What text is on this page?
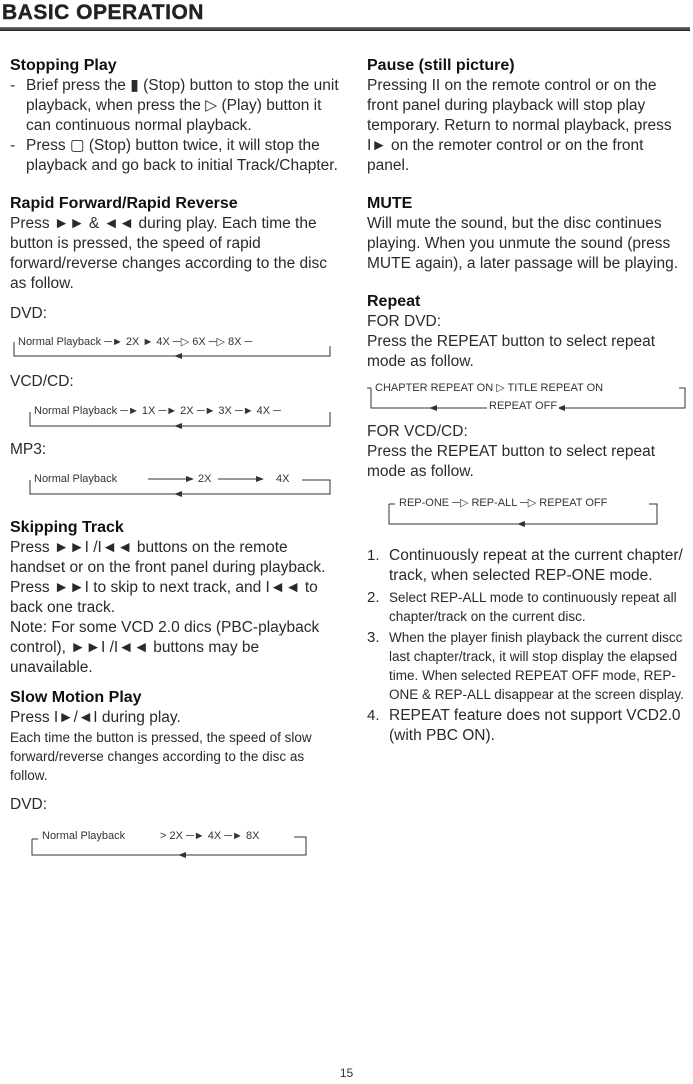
BASIC OPERATION

Stopping Play

- Brief press the ▮ (Stop) button to stop the unit playback, when press the ▷ (Play) button it can continuous normal playback.
- Press ▢ (Stop) button twice, it will stop the playback and go back to initial Track/Chapter.

Rapid Forward/Rapid Reverse

Press ►► & ◄◄ during play. Each time the button is pressed, the speed of rapid forward/reverse changes according to the disc as follow.

DVD:

Normal Playback ─► 2X ► 4X ─▷ 6X ─▷ 8X ─

VCD/CD:

Normal Playback ─► 1X ─► 2X ─► 3X ─► 4X ─

MP3:

Normal Playback	2X	4X

Skipping Track

Press ►►I /I◄◄ buttons on the remote handset or on the front panel during playback.

Press ►►I to skip to next track, and I◄◄ to back one track.

Note: For some VCD 2.0 dics (PBC-playback control), ►►I /I◄◄ buttons may be unavailable.

Slow Motion Play

Press I►/◄I during play.

Each time the button is pressed, the speed of slow forward/reverse changes according to the disc as follow.

DVD:

Normal Playback	> 2X ─► 4X ─► 8X

Pause (still picture)

Pressing II on the remote control or on the front panel during playback will stop play temporary. Return to normal playback, press I► on the remoter control or on the front panel.

MUTE

Will mute the sound, but the disc continues playing. When you unmute the sound (press MUTE again), a later passage will be playing.

Repeat

FOR DVD:

Press the REPEAT button to select repeat mode as follow.

CHAPTER REPEAT ON ▷ TITLE REPEAT ON
REPEAT OFF

FOR VCD/CD:

Press the REPEAT button to select repeat mode as follow.

REP-ONE ─▷ REP-ALL ─▷ REPEAT OFF
1. Continuously repeat at the current chapter/ track, when selected REP-ONE mode.
2. Select REP-ALL mode to continuously repeat all chapter/track on the current disc.
3. When the player finish playback the current discc last chapter/track, it will stop display the elapsed time. When selected REPEAT OFF mode, REP-ONE & REP-ALL disappear at the screen display.
4. REPEAT feature does not support VCD2.0 (with PBC ON).
15
